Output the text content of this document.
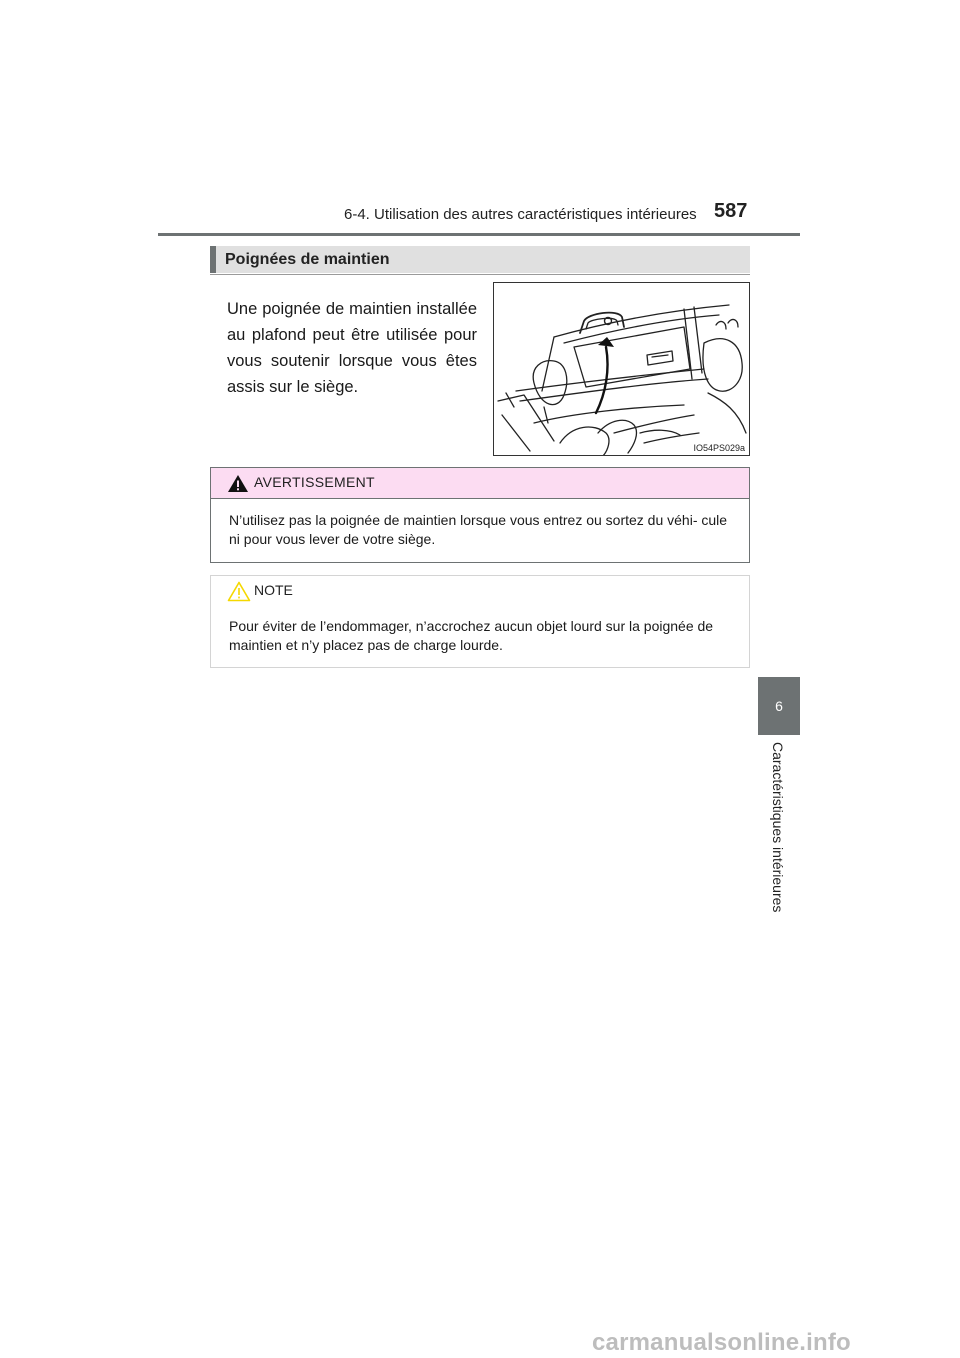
6-4. Utilisation des autres caractéristiques intérieures 587
6
Caractéristiques intérieures
Poignées de maintien
Une poignée de maintien installée au plafond peut être utilisée pour vous soutenir lorsque vous êtes assis sur le siège.
IO54PS029a
AVERTISSEMENT
N’utilisez pas la poignée de maintien lorsque vous entrez ou sortez du véhi- cule ni pour vous lever de votre siège.
NOTE
Pour éviter de l’endommager, n’accrochez aucun objet lourd sur la poignée de maintien et n’y placez pas de charge lourde.
carmanualsonline.info
